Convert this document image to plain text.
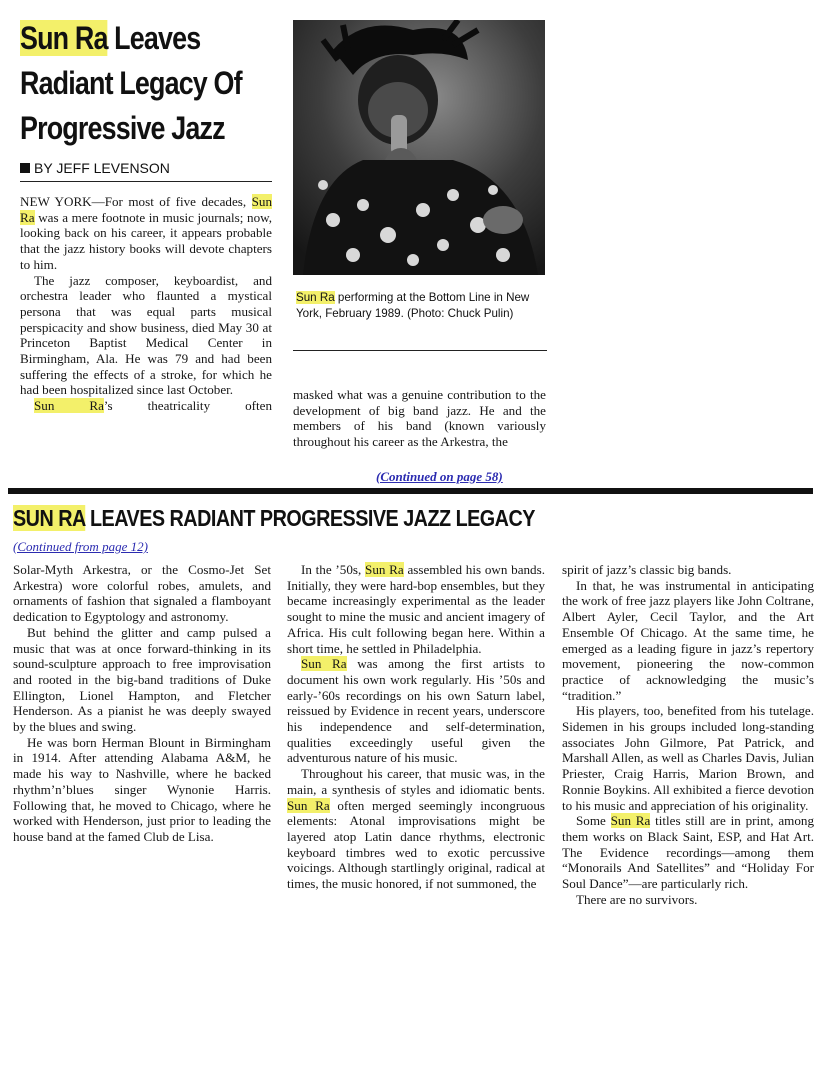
Sun Ra Leaves
Radiant Legacy Of
Progressive Jazz
BY JEFF LEVENSON

NEW YORK—For most of five decades, Sun Ra was a mere footnote in music journals; now, looking back on his career, it appears probable that the jazz history books will devote chapters to him.

The jazz composer, keyboardist, and orchestra leader who flaunted a mystical persona that was equal parts musical perspicacity and show business, died May 30 at Princeton Baptist Medical Center in Birmingham, Ala. He was 79 and had been suffering the effects of a stroke, for which he had been hospitalized since last October.

Sun Ra’s theatricality often

Sun Ra performing at the Bottom Line in New York, February 1989. (Photo: Chuck Pulin)

masked what was a genuine contribution to the development of big band jazz. He and the members of his band (known variously throughout his career as the Arkestra, the

(Continued on page 58)
SUN RA LEAVES RADIANT PROGRESSIVE JAZZ LEGACY
(Continued from page 12)

Solar-Myth Arkestra, or the Cosmo-Jet Set Arkestra) wore colorful robes, amulets, and ornaments of fashion that signaled a flamboyant dedication to Egyptology and astronomy.

But behind the glitter and camp pulsed a music that was at once forward-thinking in its sound-sculpture approach to free improvisation and rooted in the big-band traditions of Duke Ellington, Lionel Hampton, and Fletcher Henderson. As a pianist he was deeply swayed by the blues and swing.

He was born Herman Blount in Birmingham in 1914. After attending Alabama A&M, he made his way to Nashville, where he backed rhythm’n’blues singer Wynonie Harris. Following that, he moved to Chicago, where he worked with Henderson, just prior to leading the house band at the famed Club de Lisa.

In the ’50s, Sun Ra assembled his own bands. Initially, they were hard-bop ensembles, but they became increasingly experimental as the leader sought to mine the music and ancient imagery of Africa. His cult following began here. Within a short time, he settled in Philadelphia.

Sun Ra was among the first artists to document his own work regularly. His ’50s and early-’60s recordings on his own Saturn label, reissued by Evidence in recent years, underscore his independence and self-determination, qualities exceedingly useful given the adventurous nature of his music.

Throughout his career, that music was, in the main, a synthesis of styles and idiomatic bents. Sun Ra often merged seemingly incongruous elements: Atonal improvisations might be layered atop Latin dance rhythms, electronic keyboard timbres wed to exotic percussive voicings. Although startlingly original, radical at times, the music honored, if not summoned, the

spirit of jazz’s classic big bands.

In that, he was instrumental in anticipating the work of free jazz players like John Coltrane, Albert Ayler, Cecil Taylor, and the Art Ensemble Of Chicago. At the same time, he emerged as a leading figure in jazz’s repertory movement, pioneering the now-common practice of acknowledging the music’s “tradition.”

His players, too, benefited from his tutelage. Sidemen in his groups included long-standing associates John Gilmore, Pat Patrick, and Marshall Allen, as well as Charles Davis, Julian Priester, Craig Harris, Marion Brown, and Ronnie Boykins. All exhibited a fierce devotion to his music and appreciation of his originality.

Some Sun Ra titles still are in print, among them works on Black Saint, ESP, and Hat Art. The Evidence recordings—among them “Monorails And Satellites” and “Holiday For Soul Dance”—are particularly rich.

There are no survivors.
